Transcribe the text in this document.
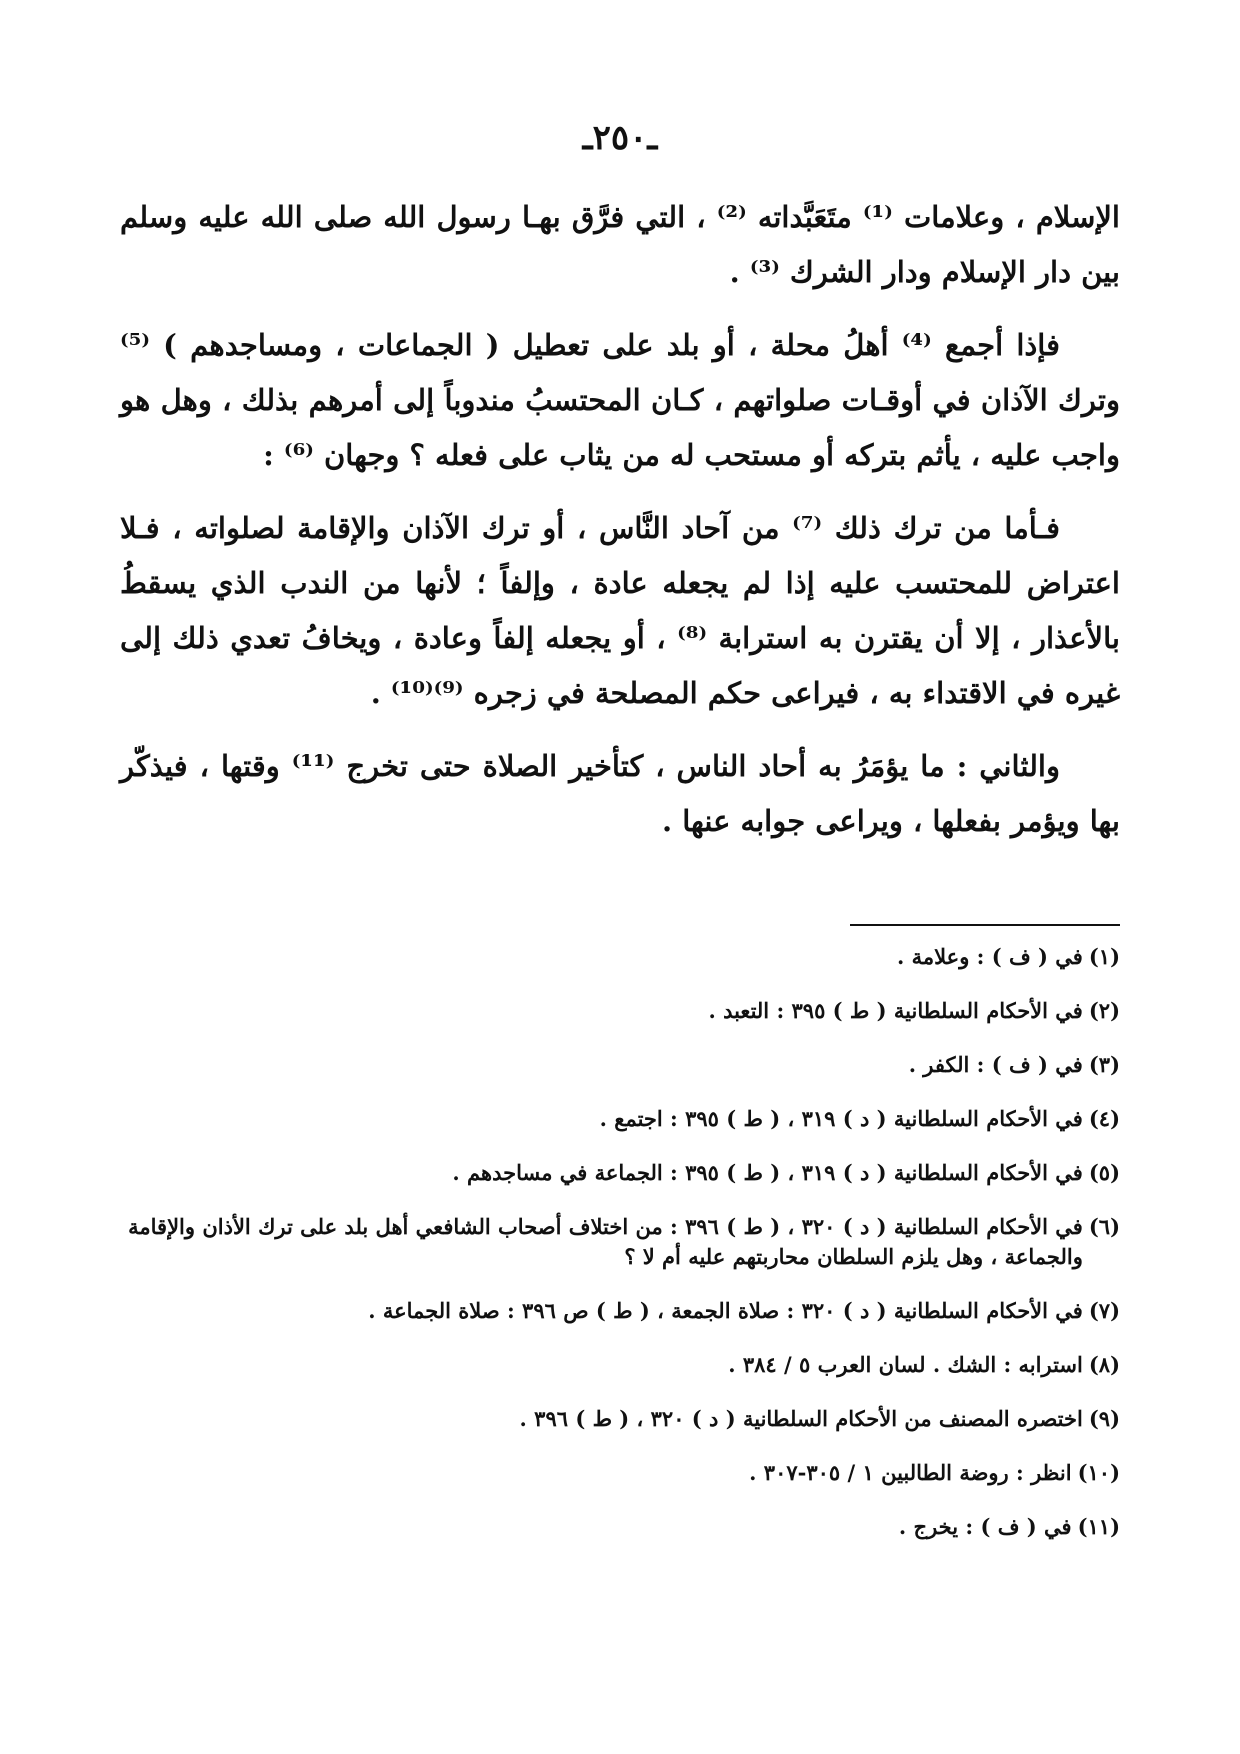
ـ٢٥٠ـ

الإسلام ، وعلامات ⁽¹⁾ متَعَبَّداته ⁽²⁾ ، التي فرَّق بهـا رسول الله صلى الله عليه وسلم بين دار الإسلام ودار الشرك ⁽³⁾ .

فإذا أجمع ⁽⁴⁾ أهلُ محلة ، أو بلد على تعطيل ( الجماعات ، ومساجدهم ) ⁽⁵⁾ وترك الآذان في أوقـات صلواتهم ، كـان المحتسبُ مندوباً إلى أمرهم بذلك ، وهل هو واجب عليه ، يأثم بتركه أو مستحب له من يثاب على فعله ؟ وجهان ⁽⁶⁾ :

فـأما من ترك ذلك ⁽⁷⁾ من آحاد النَّاس ، أو ترك الآذان والإقامة لصلواته ، فـلا اعتراض للمحتسب عليه إذا لم يجعله عادة ، وإلفاً ؛ لأنها من الندب الذي يسقطُ بالأعذار ، إلا أن يقترن به استرابة ⁽⁸⁾ ، أو يجعله إلفاً وعادة ، ويخافُ تعدي ذلك إلى غيره في الاقتداء به ، فيراعى حكم المصلحة في زجره ⁽⁹⁾⁽¹⁰⁾ .

والثاني : ما يؤمَرُ به أحاد الناس ، كتأخير الصلاة حتى تخرج ⁽¹¹⁾ وقتها ، فيذكّر بها ويؤمر بفعلها ، ويراعى جوابه عنها .

(١)
في ( ف ) : وعلامة .
(٢)
في الأحكام السلطانية ( ط ) ٣٩٥ : التعبد .
(٣)
في ( ف ) : الكفر .
(٤)
في الأحكام السلطانية ( د ) ٣١٩ ، ( ط ) ٣٩٥ : اجتمع .
(٥)
في الأحكام السلطانية ( د ) ٣١٩ ، ( ط ) ٣٩٥ : الجماعة في مساجدهم .
(٦)
في الأحكام السلطانية ( د ) ٣٢٠ ، ( ط ) ٣٩٦ : من اختلاف أصحاب الشافعي أهل بلد على ترك الأذان والإقامة والجماعة ، وهل يلزم السلطان محاربتهم عليه أم لا ؟
(٧)
في الأحكام السلطانية ( د ) ٣٢٠ : صلاة الجمعة ، ( ط ) ص ٣٩٦ : صلاة الجماعة .
(٨)
استرابه : الشك . لسان العرب ٥ / ٣٨٤ .
(٩)
اختصره المصنف من الأحكام السلطانية ( د ) ٣٢٠ ، ( ط ) ٣٩٦ .
(١٠)
انظر : روضة الطالبين ١ / ٣٠٥-٣٠٧ .
(١١)
في ( ف ) : يخرج .
